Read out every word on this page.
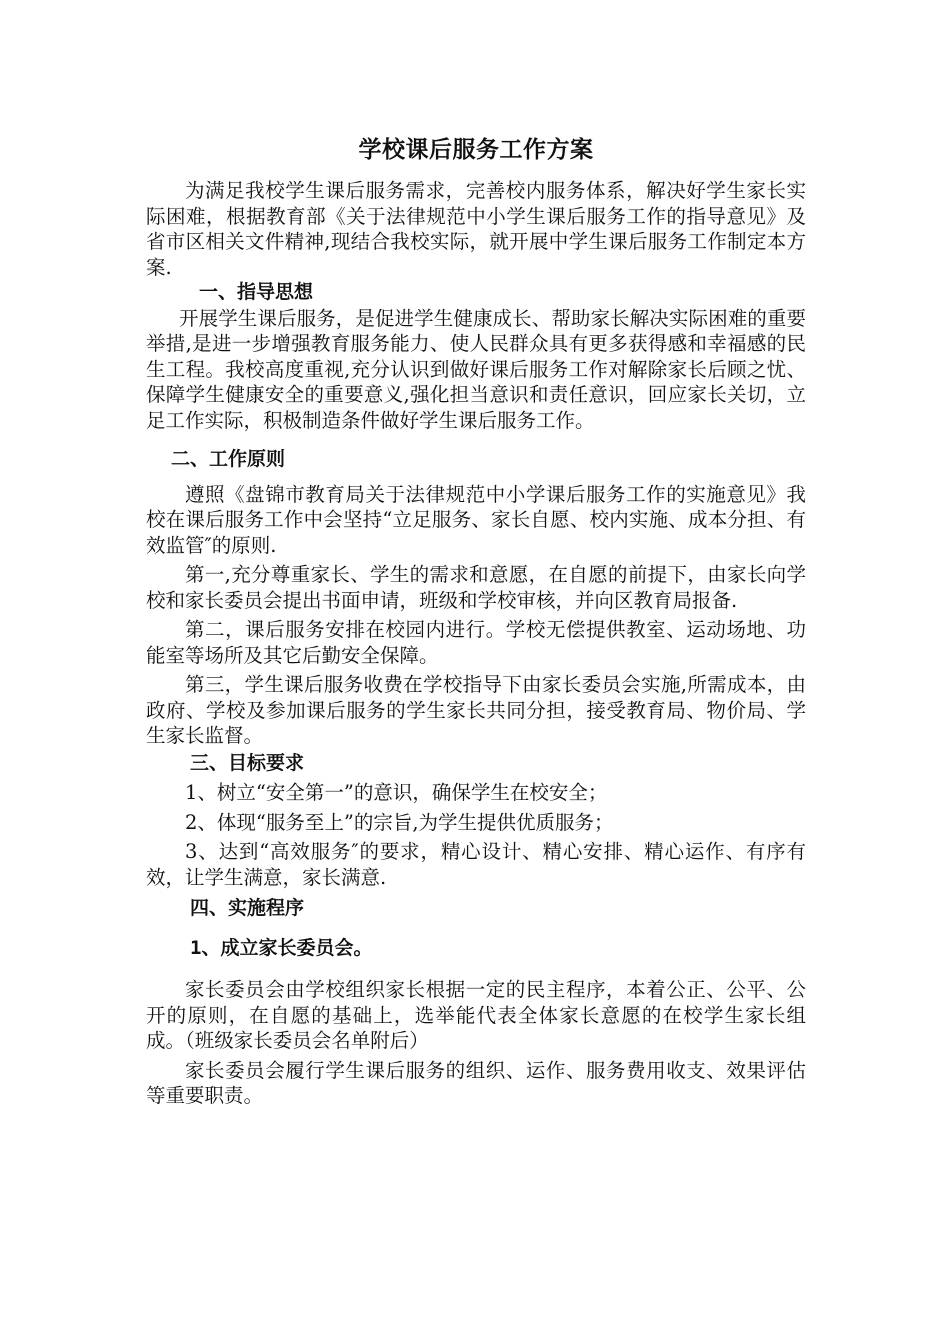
学校课后服务工作方案

为满足我校学生课后服务需求，完善校内服务体系，解决好学生家长实际困难，根据教育部《关于法律规范中小学生课后服务工作的指导意见》及省市区相关文件精神,现结合我校实际，就开展中学生课后服务工作制定本方案.

一、指导思想

开展学生课后服务，是促进学生健康成长、帮助家长解决实际困难的重要举措,是进一步增强教育服务能力、使人民群众具有更多获得感和幸福感的民生工程。我校高度重视,充分认识到做好课后服务工作对解除家长后顾之忧、保障学生健康安全的重要意义,强化担当意识和责任意识，回应家长关切，立足工作实际，积极制造条件做好学生课后服务工作。

二、工作原则

遵照《盘锦市教育局关于法律规范中小学课后服务工作的实施意见》我校在课后服务工作中会坚持“立足服务、家长自愿、校内实施、成本分担、有效监管″的原则.

第一,充分尊重家长、学生的需求和意愿，在自愿的前提下，由家长向学校和家长委员会提出书面申请，班级和学校审核，并向区教育局报备.

第二，课后服务安排在校园内进行。学校无偿提供教室、运动场地、功能室等场所及其它后勤安全保障。

第三，学生课后服务收费在学校指导下由家长委员会实施,所需成本，由政府、学校及参加课后服务的学生家长共同分担，接受教育局、物价局、学生家长监督。

三、目标要求

1、树立“安全第一”的意识，确保学生在校安全；

2、体现“服务至上”的宗旨,为学生提供优质服务；

3、达到“高效服务″的要求，精心设计、精心安排、精心运作、有序有效，让学生满意，家长满意.

四、实施程序
1、成立家长委员会。

家长委员会由学校组织家长根据一定的民主程序，本着公正、公平、公开的原则，在自愿的基础上，选举能代表全体家长意愿的在校学生家长组成。（班级家长委员会名单附后）

家长委员会履行学生课后服务的组织、运作、服务费用收支、效果评估等重要职责。
